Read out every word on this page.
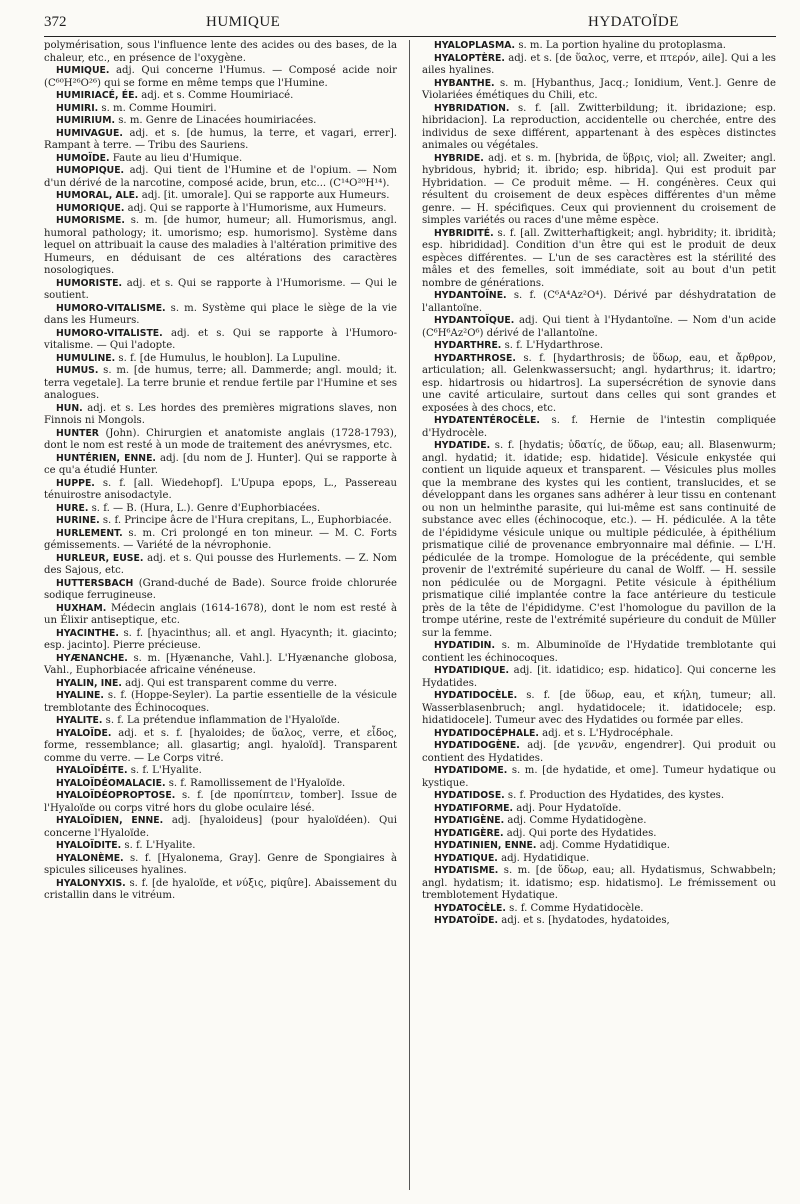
372	HUMIQUE	HYDATOÏDE

polymérisation, sous l'influence lente des acides ou des bases, de la chaleur, etc., en présence de l'oxygène.

HUMIQUE. adj. Qui concerne l'Humus. — Composé acide noir (C⁶⁰H²⁶O²⁶) qui se forme en même temps que l'Humine.

HUMIRIACÉ, ÉE. adj. et s. Comme Houmiriacé.

HUMIRI. s. m. Comme Houmiri.

HUMIRIUM. s. m. Genre de Linacées houmiriacées.

HUMIVAGUE. adj. et s. [de humus, la terre, et vagari, errer]. Rampant à terre. — Tribu des Sauriens.

HUMOÏDE. Faute au lieu d'Humique.

HUMOPIQUE. adj. Qui tient de l'Humine et de l'opium. — Nom d'un dérivé de la narcotine, composé acide, brun, etc... (C¹⁴O²⁰H¹⁴).

HUMORAL, ALE. adj. [it. umorale]. Qui se rapporte aux Humeurs.

HUMORIQUE. adj. Qui se rapporte à l'Humorisme, aux Humeurs.

HUMORISME. s. m. [de humor, humeur; all. Humorismus, angl. humoral pathology; it. umorismo; esp. humorismo]. Système dans lequel on attribuait la cause des maladies à l'altération primitive des Humeurs, en déduisant de ces altérations des caractères nosologiques.

HUMORISTE. adj. et s. Qui se rapporte à l'Humorisme. — Qui le soutient.

HUMORO-VITALISME. s. m. Système qui place le siège de la vie dans les Humeurs.

HUMORO-VITALISTE. adj. et s. Qui se rapporte à l'Humoro-vitalisme. — Qui l'adopte.

HUMULINE. s. f. [de Humulus, le houblon]. La Lupuline.

HUMUS. s. m. [de humus, terre; all. Dammerde; angl. mould; it. terra vegetale]. La terre brunie et rendue fertile par l'Humine et ses analogues.

HUN. adj. et s. Les hordes des premières migrations slaves, non Finnois ni Mongols.

HUNTER (John). Chirurgien et anatomiste anglais (1728-1793), dont le nom est resté à un mode de traitement des anévrysmes, etc.

HUNTÉRIEN, ENNE. adj. [du nom de J. Hunter]. Qui se rapporte à ce qu'a étudié Hunter.

HUPPE. s. f. [all. Wiedehopf]. L'Upupa epops, L., Passereau ténuirostre anisodactyle.

HURE. s. f. — B. (Hura, L.). Genre d'Euphorbiacées.

HURINE. s. f. Principe âcre de l'Hura crepitans, L., Euphorbiacée.

HURLEMENT. s. m. Cri prolongé en ton mineur. — M. C. Forts gémissements. — Variété de la névrophonie.

HURLEUR, EUSE. adj. et s. Qui pousse des Hurlements. — Z. Nom des Sajous, etc.

HUTTERSBACH (Grand-duché de Bade). Source froide chlorurée sodique ferrugineuse.

HUXHAM. Médecin anglais (1614-1678), dont le nom est resté à un Élixir antiseptique, etc.

HYACINTHE. s. f. [hyacinthus; all. et angl. Hyacynth; it. giacinto; esp. jacinto]. Pierre précieuse.

HYÆNANCHE. s. m. [Hyænanche, Vahl.]. L'Hyænanche globosa, Vahl., Euphorbiacée africaine vénéneuse.

HYALIN, INE. adj. Qui est transparent comme du verre.

HYALINE. s. f. (Hoppe-Seyler). La partie essentielle de la vésicule tremblotante des Échinocoques.

HYALITE. s. f. La prétendue inflammation de l'Hyaloïde.

HYALOÏDE. adj. et s. f. [hyaloides; de ὕαλος, verre, et εἶδος, forme, ressemblance; all. glasartig; angl. hyaloïd]. Transparent comme du verre. — Le Corps vitré.

HYALOÏDÉITE. s. f. L'Hyalite.

HYALOÏDÉOMALACIE. s. f. Ramollissement de l'Hyaloïde.

HYALOÏDÉOPROPTOSE. s. f. [de προπίπτειν, tomber]. Issue de l'Hyaloïde ou corps vitré hors du globe oculaire lésé.

HYALOÏDIEN, ENNE. adj. [hyaloideus] (pour hyaloïdéen). Qui concerne l'Hyaloïde.

HYALOÏDITE. s. f. L'Hyalite.

HYALONÈME. s. f. [Hyalonema, Gray]. Genre de Spongiaires à spicules siliceuses hyalines.

HYALONYXIS. s. f. [de hyaloïde, et νύξις, piqûre]. Abaissement du cristallin dans le vitréum.

HYALOPLASMA. s. m. La portion hyaline du protoplasma.

HYALOPTÈRE. adj. et s. [de ὕαλος, verre, et πτερόν, aile]. Qui a les ailes hyalines.

HYBANTHE. s. m. [Hybanthus, Jacq.; Ionidium, Vent.]. Genre de Violariées émétiques du Chili, etc.

HYBRIDATION. s. f. [all. Zwitterbildung; it. ibridazione; esp. hibridacion]. La reproduction, accidentelle ou cherchée, entre des individus de sexe différent, appartenant à des espèces distinctes animales ou végétales.

HYBRIDE. adj. et s. m. [hybrida, de ὕβρις, viol; all. Zweiter; angl. hybridous, hybrid; it. ibrido; esp. hibrida]. Qui est produit par Hybridation. — Ce produit même. — H. congénères. Ceux qui résultent du croisement de deux espèces différentes d'un même genre. — H. spécifiques. Ceux qui proviennent du croisement de simples variétés ou races d'une même espèce.

HYBRIDITÉ. s. f. [all. Zwitterhaftigkeit; angl. hybridity; it. ibridità; esp. hibrididad]. Condition d'un être qui est le produit de deux espèces différentes. — L'un de ses caractères est la stérilité des mâles et des femelles, soit immédiate, soit au bout d'un petit nombre de générations.

HYDANTOÏNE. s. f. (C⁶A⁴Az²O⁴). Dérivé par déshydratation de l'allantoïne.

HYDANTOÏQUE. adj. Qui tient à l'Hydantoïne. — Nom d'un acide (C⁶H⁶Az²O⁶) dérivé de l'allantoïne.

HYDARTHRE. s. f. L'Hydarthrose.

HYDARTHROSE. s. f. [hydarthrosis; de ὕδωρ, eau, et ἄρθρον, articulation; all. Gelenkwassersucht; angl. hydarthrus; it. idartro; esp. hidartrosis ou hidartros]. La supersécrétion de synovie dans une cavité articulaire, surtout dans celles qui sont grandes et exposées à des chocs, etc.

HYDATENTÉROCÈLE. s. f. Hernie de l'intestin compliquée d'Hydrocèle.

HYDATIDE. s. f. [hydatis; ὑδατίς, de ὕδωρ, eau; all. Blasenwurm; angl. hydatid; it. idatide; esp. hidatide]. Vésicule enkystée qui contient un liquide aqueux et transparent. — Vésicules plus molles que la membrane des kystes qui les contient, translucides, et se développant dans les organes sans adhérer à leur tissu en contenant ou non un helminthe parasite, qui lui-même est sans continuité de substance avec elles (échinocoque, etc.). — H. pédiculée. A la tête de l'épididyme vésicule unique ou multiple pédiculée, à épithélium prismatique cilié de provenance embryonnaire mal définie. — L'H. pédiculée de la trompe. Homologue de la précédente, qui semble provenir de l'extrémité supérieure du canal de Wolff. — H. sessile non pédiculée ou de Morgagni. Petite vésicule à épithélium prismatique cilié implantée contre la face antérieure du testicule près de la tête de l'épididyme. C'est l'homologue du pavillon de la trompe utérine, reste de l'extrémité supérieure du conduit de Müller sur la femme.

HYDATIDIN. s. m. Albuminoïde de l'Hydatide tremblotante qui contient les échinocoques.

HYDATIDIQUE. adj. [it. idatidico; esp. hidatico]. Qui concerne les Hydatides.

HYDATIDOCÈLE. s. f. [de ὕδωρ, eau, et κήλη, tumeur; all. Wasserblasenbruch; angl. hydatidocele; it. idatidocele; esp. hidatidocele]. Tumeur avec des Hydatides ou formée par elles.

HYDATIDOCÉPHALE. adj. et s. L'Hydrocéphale.

HYDATIDOGÈNE. adj. [de γεννᾶν, engendrer]. Qui produit ou contient des Hydatides.

HYDATIDOME. s. m. [de hydatide, et ome]. Tumeur hydatique ou kystique.

HYDATIDOSE. s. f. Production des Hydatides, des kystes.

HYDATIFORME. adj. Pour Hydatoïde.

HYDATIGÈNE. adj. Comme Hydatidogène.

HYDATIGÈRE. adj. Qui porte des Hydatides.

HYDATINIEN, ENNE. adj. Comme Hydatidique.

HYDATIQUE. adj. Hydatidique.

HYDATISME. s. m. [de ὕδωρ, eau; all. Hydatismus, Schwabbeln; angl. hydatism; it. idatismo; esp. hidatismo]. Le frémissement ou tremblotement Hydatique.

HYDATOCÈLE. s. f. Comme Hydatidocèle.

HYDATOÏDE. adj. et s. [hydatodes, hydatoides,
